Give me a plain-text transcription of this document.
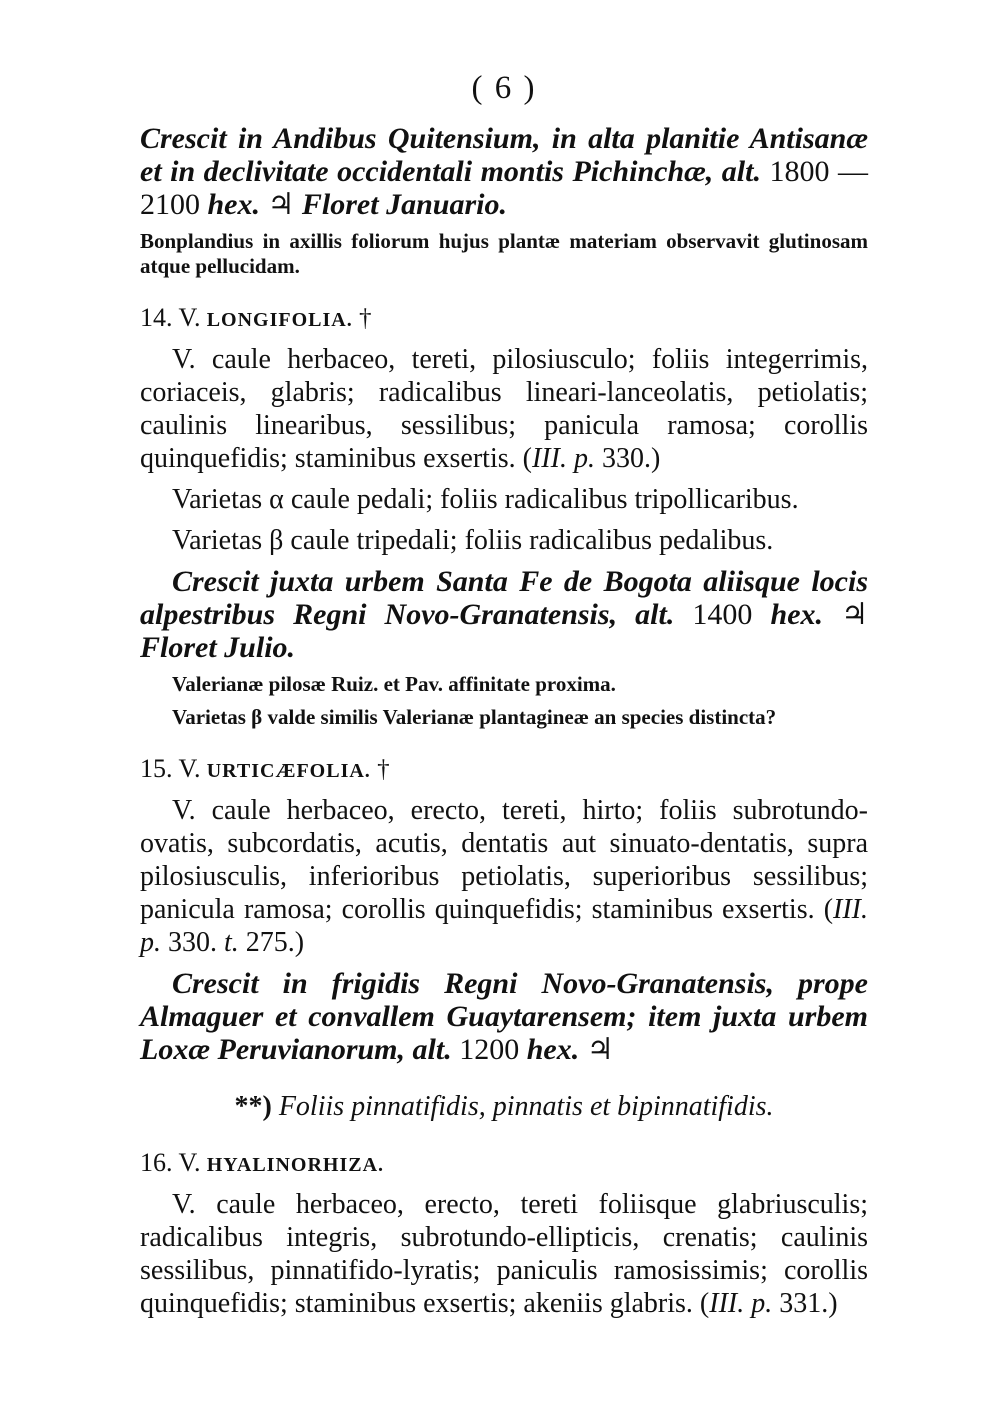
( 6 )

Crescit in Andibus Quitensium, in alta planitie Antisanæ et in declivitate occidentali montis Pichinchæ, alt. 1800 — 2100 hex. ♃ Floret Januario.

Bonplandius in axillis foliorum hujus plantæ materiam observavit glutinosam atque pellucidam.

14. V. LONGIFOLIA. †

V. caule herbaceo, tereti, pilosiusculo; foliis integerrimis, coriaceis, glabris; radicalibus lineari-lanceolatis, petiolatis; caulinis linearibus, sessilibus; panicula ramosa; corollis quinquefidis; staminibus exsertis. (III. p. 330.)

Varietas α caule pedali; foliis radicalibus tripollicaribus.

Varietas β caule tripedali; foliis radicalibus pedalibus.

Crescit juxta urbem Santa Fe de Bogota aliisque locis alpestribus Regni Novo-Granatensis, alt. 1400 hex. ♃ Floret Julio.

Valerianæ pilosæ Ruiz. et Pav. affinitate proxima.

Varietas β valde similis Valerianæ plantagineæ an species distincta?

15. V. URTICÆFOLIA. †

V. caule herbaceo, erecto, tereti, hirto; foliis subrotundo-ovatis, subcordatis, acutis, dentatis aut sinuato-dentatis, supra pilosiusculis, inferioribus petiolatis, superioribus sessilibus; panicula ramosa; corollis quinquefidis; staminibus exsertis. (III. p. 330. t. 275.)

Crescit in frigidis Regni Novo-Granatensis, prope Almaguer et convallem Guaytarensem; item juxta urbem Loxæ Peruvianorum, alt. 1200 hex. ♃

**) Foliis pinnatifidis, pinnatis et bipinnatifidis.

16. V. HYALINORHIZA.

V. caule herbaceo, erecto, tereti foliisque glabriusculis; radicalibus integris, subrotundo-ellipticis, crenatis; caulinis sessilibus, pinnatifido-lyratis; paniculis ramosissimis; corollis quinquefidis; staminibus exsertis; akeniis glabris. (III. p. 331.)
